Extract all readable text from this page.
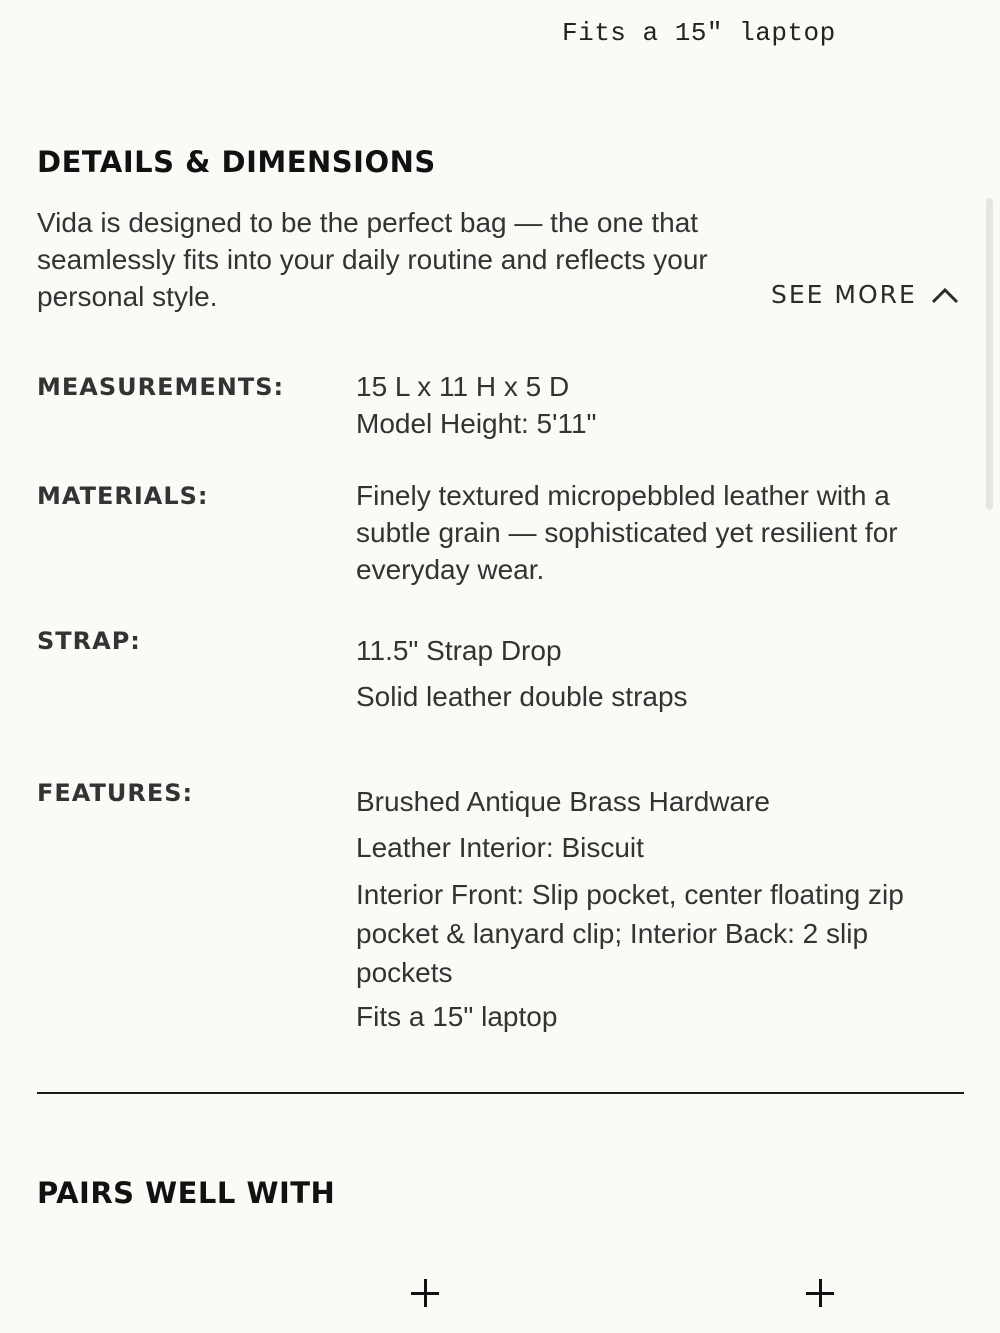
Fits a 15" laptop
DETAILS & DIMENSIONS

Vida is designed to be the perfect bag — the one that seamlessly fits into your daily routine and reflects your personal style.	SEE MORE
MEASUREMENTS:	15 L x 11 H x 5 D
Model Height: 5'11"
MATERIALS:	Finely textured micropebbled leather with a subtle grain — sophisticated yet resilient for everyday wear.

STRAP:	11.5" Strap Drop
Solid leather double straps
FEATURES:	Brushed Antique Brass Hardware
Leather Interior: Biscuit
Interior Front: Slip pocket, center floating zip pocket & lanyard clip; Interior Back: 2 slip pockets
Fits a 15" laptop
PAIRS WELL WITH
